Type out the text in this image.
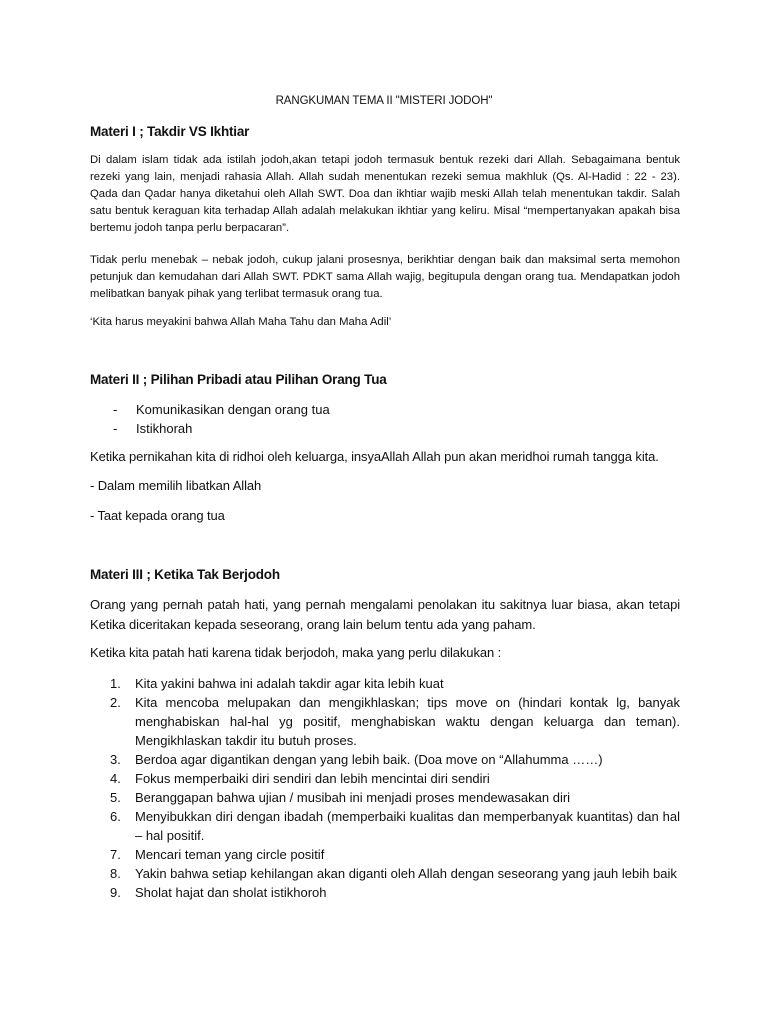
RANGKUMAN TEMA II "MISTERI JODOH"
Materi I ; Takdir VS Ikhtiar
Di dalam islam tidak ada istilah jodoh,akan tetapi jodoh termasuk bentuk rezeki dari Allah. Sebagaimana bentuk rezeki yang lain, menjadi rahasia Allah. Allah sudah menentukan rezeki semua makhluk (Qs. Al-Hadid : 22 - 23). Qada dan Qadar hanya diketahui oleh Allah SWT. Doa dan ikhtiar wajib meski Allah telah menentukan takdir. Salah satu bentuk keraguan kita terhadap Allah adalah melakukan ikhtiar yang keliru. Misal “mempertanyakan apakah bisa bertemu jodoh tanpa perlu berpacaran”.
Tidak perlu menebak – nebak jodoh, cukup jalani prosesnya, berikhtiar dengan baik dan maksimal serta memohon petunjuk dan kemudahan dari Allah SWT. PDKT sama Allah wajig, begitupula dengan orang tua. Mendapatkan jodoh melibatkan banyak pihak yang terlibat termasuk orang tua.
‘Kita harus meyakini bahwa Allah Maha Tahu dan Maha Adil’
Materi II ; Pilihan Pribadi atau Pilihan Orang Tua
- Komunikasikan dengan orang tua
- Istikhorah
Ketika pernikahan kita di ridhoi oleh keluarga, insyaAllah Allah pun akan meridhoi rumah tangga kita.
- Dalam memilih libatkan Allah
- Taat kepada orang tua
Materi III ; Ketika Tak Berjodoh
Orang yang pernah patah hati, yang pernah mengalami penolakan itu sakitnya luar biasa, akan tetapi Ketika diceritakan kepada seseorang, orang lain belum tentu ada yang paham.
Ketika kita patah hati karena tidak berjodoh, maka yang perlu dilakukan :
1.	Kita yakini bahwa ini adalah takdir agar kita lebih kuat
2.	Kita mencoba melupakan dan mengikhlaskan; tips move on (hindari kontak lg, banyak menghabiskan hal-hal yg positif, menghabiskan waktu dengan keluarga dan teman). Mengikhlaskan takdir itu butuh proses.
3.	Berdoa agar digantikan dengan yang lebih baik. (Doa move on “Allahumma ……)
4.	Fokus memperbaiki diri sendiri dan lebih mencintai diri sendiri
5.	Beranggapan bahwa ujian / musibah ini menjadi proses mendewasakan diri
6.	Menyibukkan diri dengan ibadah (memperbaiki kualitas dan memperbanyak kuantitas) dan hal – hal positif.
7.	Mencari teman yang circle positif
8.	Yakin bahwa setiap kehilangan akan diganti oleh Allah dengan seseorang yang jauh lebih baik
9.	Sholat hajat dan sholat istikhoroh
